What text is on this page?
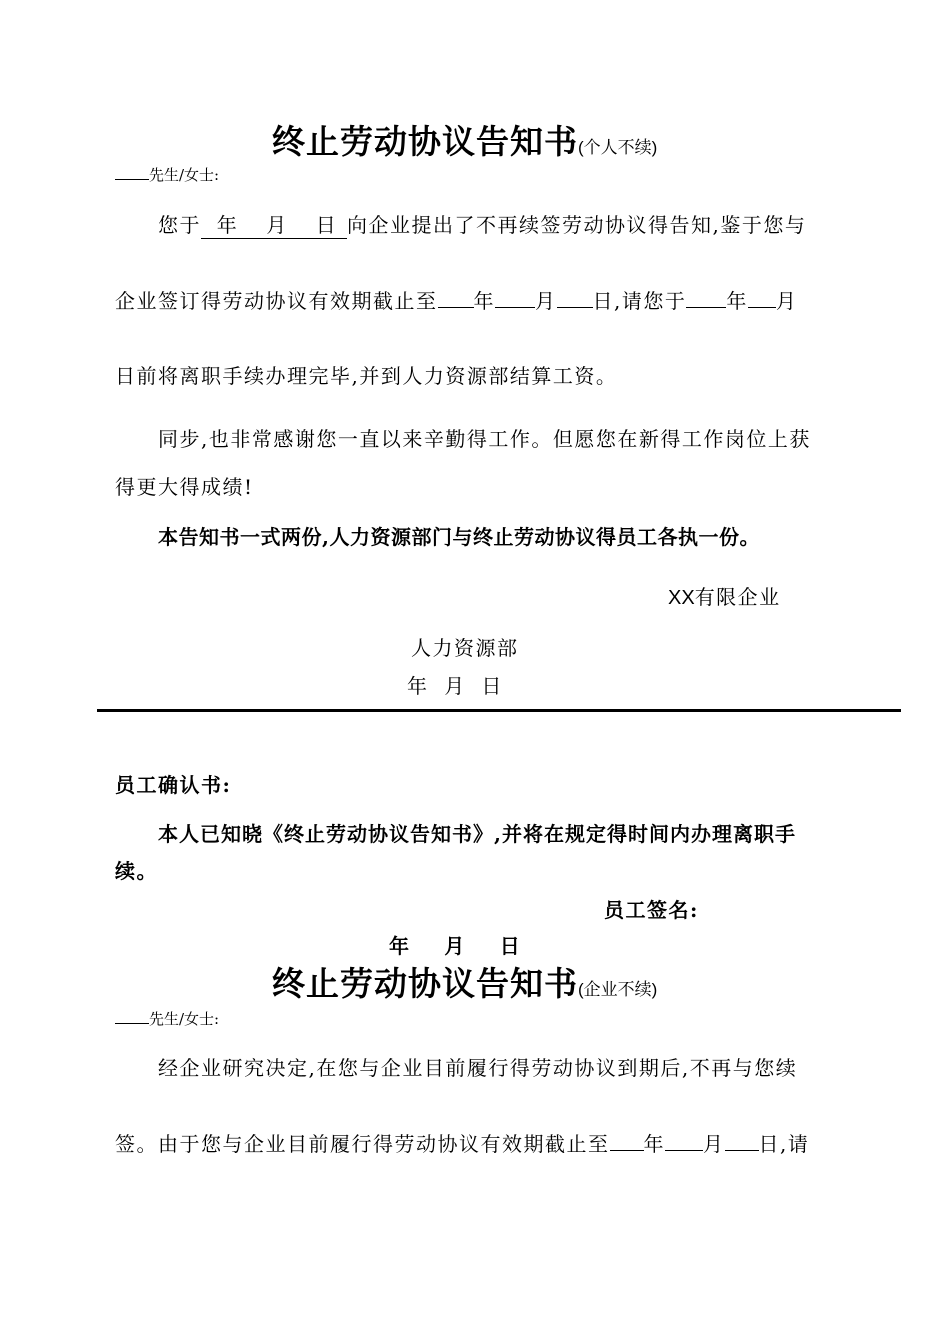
终止劳动协议告知书(个人不续)
先生/女士:
您于 年 月 日 向企业提出了不再续签劳动协议得告知,鉴于您与
企业签订得劳动协议有效期截止至 年 月 日,请您于 年 月
日前将离职手续办理完毕,并到人力资源部结算工资。
同步,也非常感谢您一直以来辛勤得工作。但愿您在新得工作岗位上获
得更大得成绩!
本告知书一式两份,人力资源部门与终止劳动协议得员工各执一份。
XX有限企业
人力资源部
年  月  日
员工确认书:
本人已知晓《终止劳动协议告知书》,并将在规定得时间内办理离职手
续。
员工签名:
年    月    日
终止劳动协议告知书(企业不续)
先生/女士:
经企业研究决定,在您与企业目前履行得劳动协议到期后,不再与您续
签。由于您与企业目前履行得劳动协议有效期截止至 年 月 日,请
